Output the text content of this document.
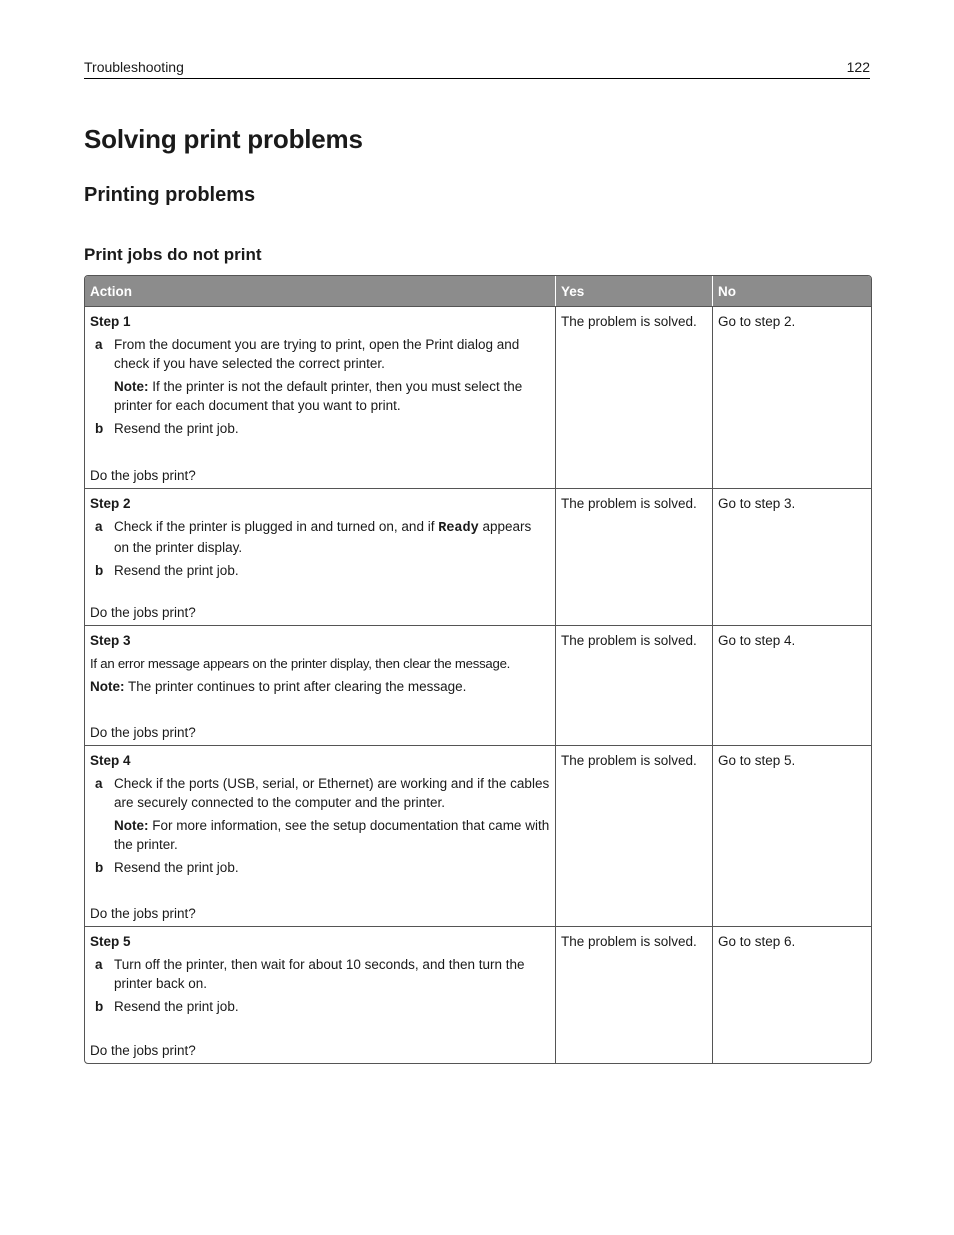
Troubleshooting	122
Solving print problems
Printing problems
Print jobs do not print
Action	Yes	No
Step 1
a From the document you are trying to print, open the Print dialog and check if you have selected the correct printer.
Note: If the printer is not the default printer, then you must select the printer for each document that you want to print.
b Resend the print job.
Do the jobs print?
The problem is solved.	Go to step 2.
Step 2
a Check if the printer is plugged in and turned on, and if Ready appears on the printer display.
b Resend the print job.
Do the jobs print?
The problem is solved.	Go to step 3.
Step 3
If an error message appears on the printer display, then clear the message.
Note: The printer continues to print after clearing the message.
Do the jobs print?
The problem is solved.	Go to step 4.
Step 4
a Check if the ports (USB, serial, or Ethernet) are working and if the cables are securely connected to the computer and the printer.
Note: For more information, see the setup documentation that came with the printer.
b Resend the print job.
Do the jobs print?
The problem is solved.	Go to step 5.
Step 5
a Turn off the printer, then wait for about 10 seconds, and then turn the printer back on.
b Resend the print job.
Do the jobs print?
The problem is solved.	Go to step 6.
